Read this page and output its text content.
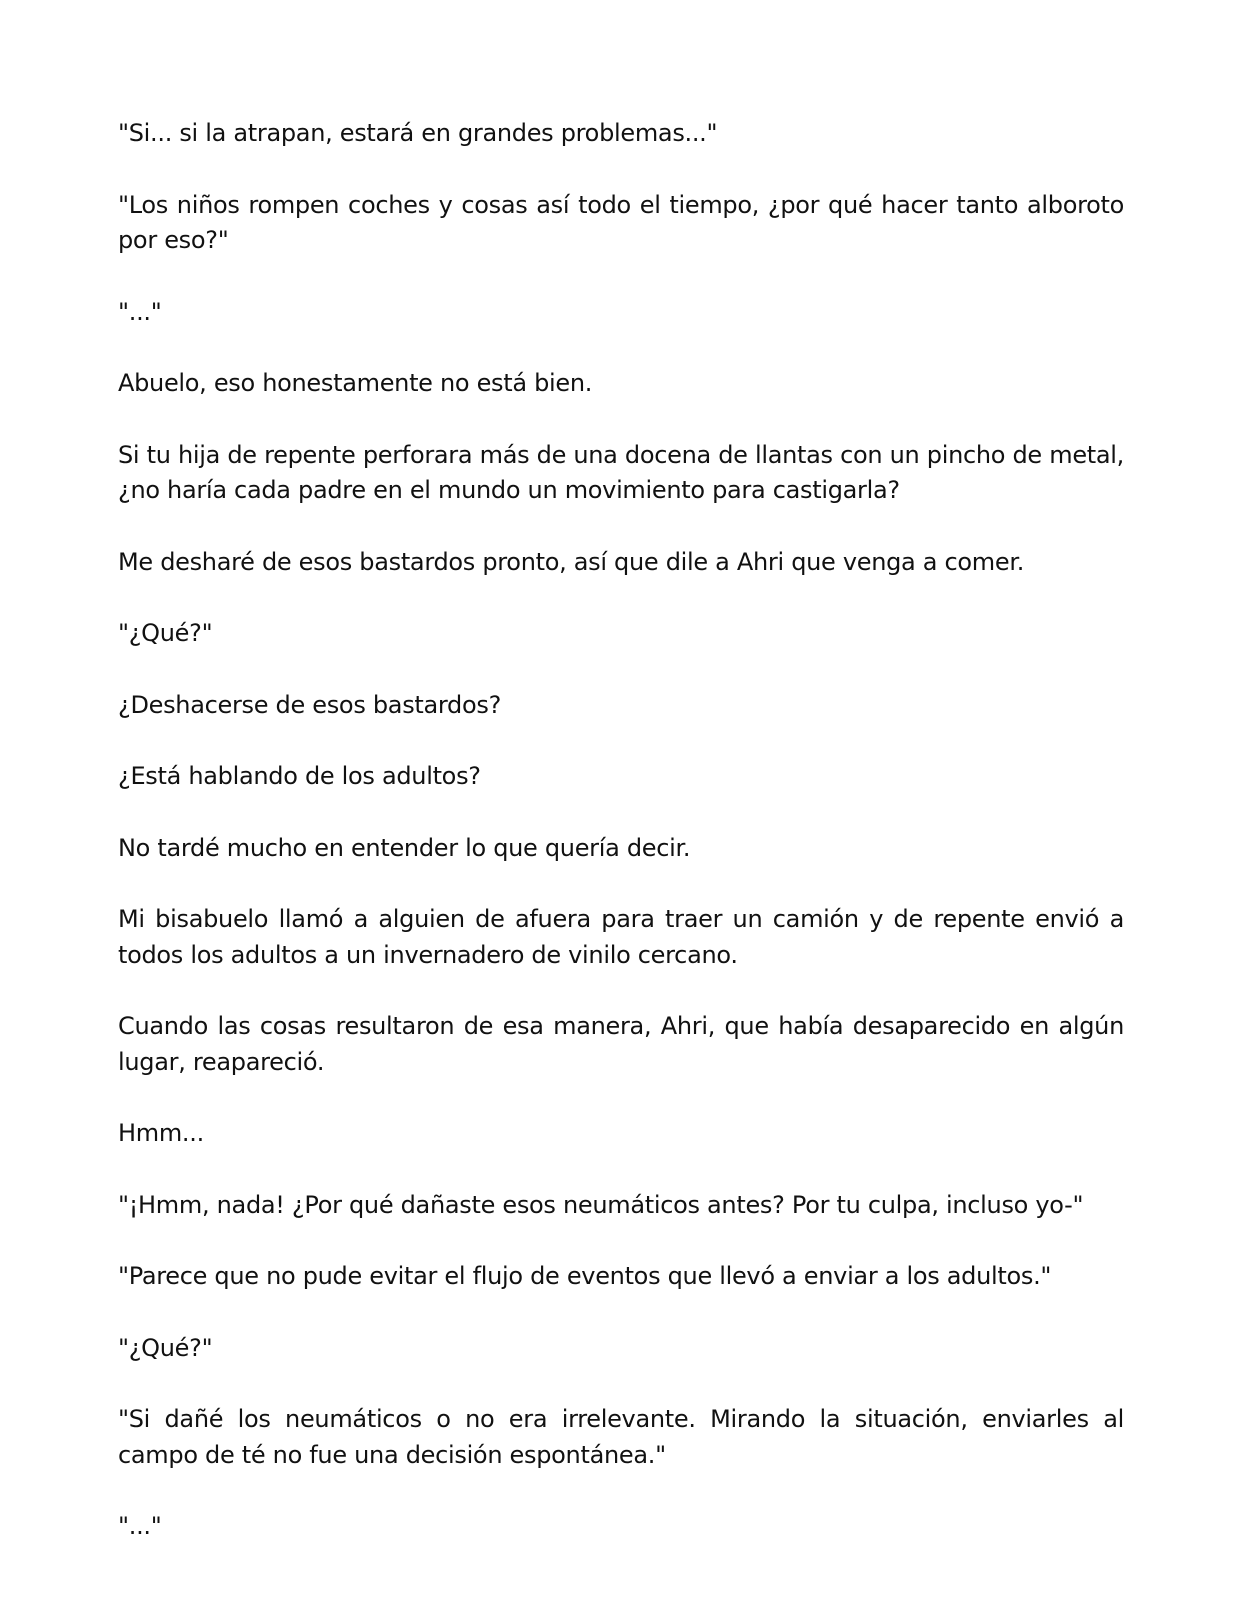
"Si... si la atrapan, estará en grandes problemas..."

"Los niños rompen coches y cosas así todo el tiempo, ¿por qué hacer tanto alboroto por eso?"

"..."

Abuelo, eso honestamente no está bien.

Si tu hija de repente perforara más de una docena de llantas con un pincho de metal, ¿no haría cada padre en el mundo un movimiento para castigarla?

Me desharé de esos bastardos pronto, así que dile a Ahri que venga a comer.

"¿Qué?"

¿Deshacerse de esos bastardos?

¿Está hablando de los adultos?

No tardé mucho en entender lo que quería decir.

Mi bisabuelo llamó a alguien de afuera para traer un camión y de repente envió a todos los adultos a un invernadero de vinilo cercano.

Cuando las cosas resultaron de esa manera, Ahri, que había desaparecido en algún lugar, reapareció.

Hmm...

"¡Hmm, nada! ¿Por qué dañaste esos neumáticos antes? Por tu culpa, incluso yo-"

"Parece que no pude evitar el flujo de eventos que llevó a enviar a los adultos."

"¿Qué?"

"Si dañé los neumáticos o no era irrelevante. Mirando la situación, enviarles al campo de té no fue una decisión espontánea."

"..."
